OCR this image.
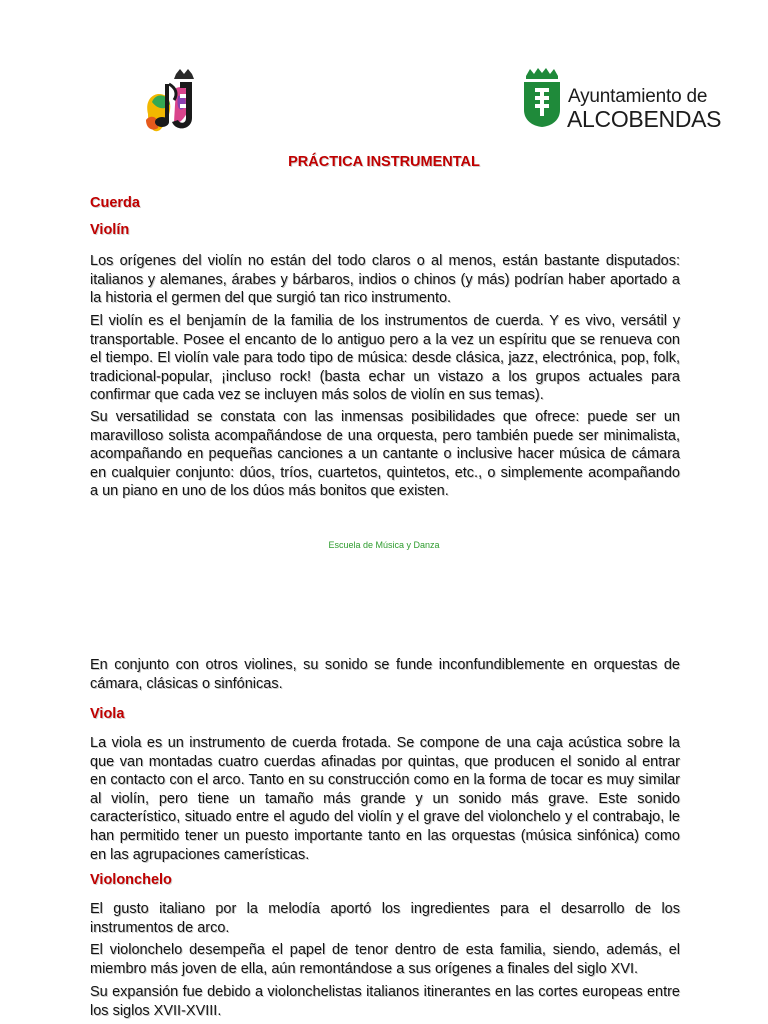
Ayuntamiento de
ALCOBENDAS
PRÁCTICA INSTRUMENTAL
Cuerda
Violín
Los orígenes del violín no están del todo claros o al menos, están bastante disputados: italianos y alemanes, árabes y bárbaros, indios o chinos (y más) podrían haber aportado a la historia el germen del que surgió tan rico instrumento.
El violín es el benjamín de la familia de los instrumentos de cuerda. Y es vivo, versátil y transportable. Posee el encanto de lo antiguo pero a la vez un espíritu que se renueva con el tiempo. El violín vale para todo tipo de música: desde clásica, jazz, electrónica, pop, folk, tradicional-popular, ¡incluso rock! (basta echar un vistazo a los grupos actuales para confirmar que cada vez se incluyen más solos de violín en sus temas).
Su versatilidad se constata con las inmensas posibilidades que ofrece: puede ser un maravilloso solista acompañándose de una orquesta, pero también puede ser minimalista, acompañando en pequeñas canciones a un cantante o inclusive hacer música de cámara en cualquier conjunto: dúos, tríos, cuartetos, quintetos, etc., o simplemente acompañando a un piano en uno de los dúos más bonitos que existen.
Escuela de Música y Danza
En conjunto con otros violines, su sonido se funde inconfundiblemente en orquestas de cámara, clásicas o sinfónicas.
Viola
La viola es un instrumento de cuerda frotada. Se compone de una caja acústica sobre la que van montadas cuatro cuerdas afinadas por quintas, que producen el sonido al entrar en contacto con el arco. Tanto en su construcción como en la forma de tocar es muy similar al violín, pero tiene un tamaño más grande y un sonido más grave. Este sonido característico, situado entre el agudo del violín y el grave del violonchelo y el contrabajo, le han permitido tener un puesto importante tanto en las orquestas (música sinfónica) como en las agrupaciones camerísticas.
Violonchelo
El gusto italiano por la melodía aportó los ingredientes para el desarrollo de los instrumentos de arco.
El violonchelo desempeña el papel de tenor dentro de esta familia, siendo, además, el miembro más joven de ella, aún remontándose a sus orígenes a finales del siglo XVI.
Su expansión fue debido a violonchelistas italianos itinerantes en las cortes europeas entre los siglos XVII-XVIII.
